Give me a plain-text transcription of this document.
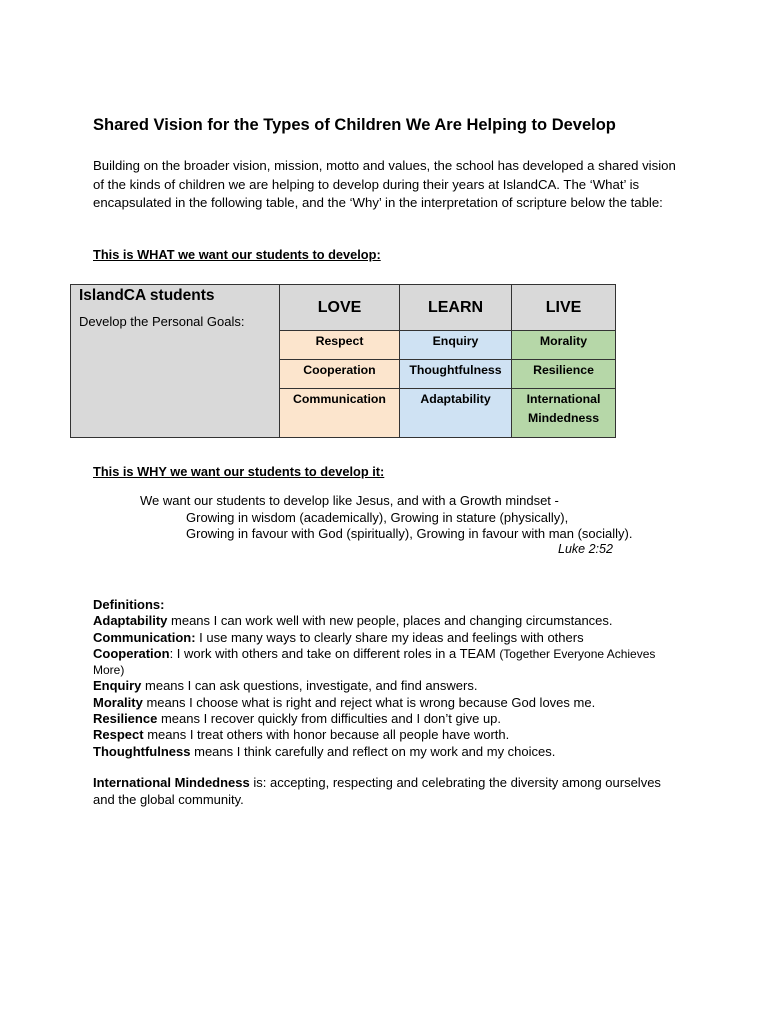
Shared Vision for the Types of Children We Are Helping to Develop

Building on the broader vision, mission, motto and values, the school has developed a shared vision of the kinds of children we are helping to develop during their years at IslandCA. The ‘What’ is encapsulated in the following table, and the ‘Why’ in the interpretation of scripture below the table:

This is WHAT we want our students to develop:
IslandCA students
Develop the Personal Goals:	LOVE	LEARN	LIVE

	Respect	Enquiry	Morality

	Cooperation	Thoughtfulness	Resilience

	Communication	Adaptability	International Mindedness
This is WHY we want our students to develop it:
We want our students to develop like Jesus, and with a Growth mindset -
Growing in wisdom (academically), Growing in stature (physically),
Growing in favour with God (spiritually), Growing in favour with man (socially).
Luke 2:52
Definitions:
Adaptability means I can work well with new people, places and changing circumstances.
Communication: I use many ways to clearly share my ideas and feelings with others
Cooperation: I work with others and take on different roles in a TEAM (Together Everyone Achieves More)
Enquiry means I can ask questions, investigate, and find answers.
Morality means I choose what is right and reject what is wrong because God loves me.
Resilience means I recover quickly from difficulties and I don’t give up.
Respect means I treat others with honor because all people have worth.
Thoughtfulness means I think carefully and reflect on my work and my choices.

International Mindedness is: accepting, respecting and celebrating the diversity among ourselves and the global community.
